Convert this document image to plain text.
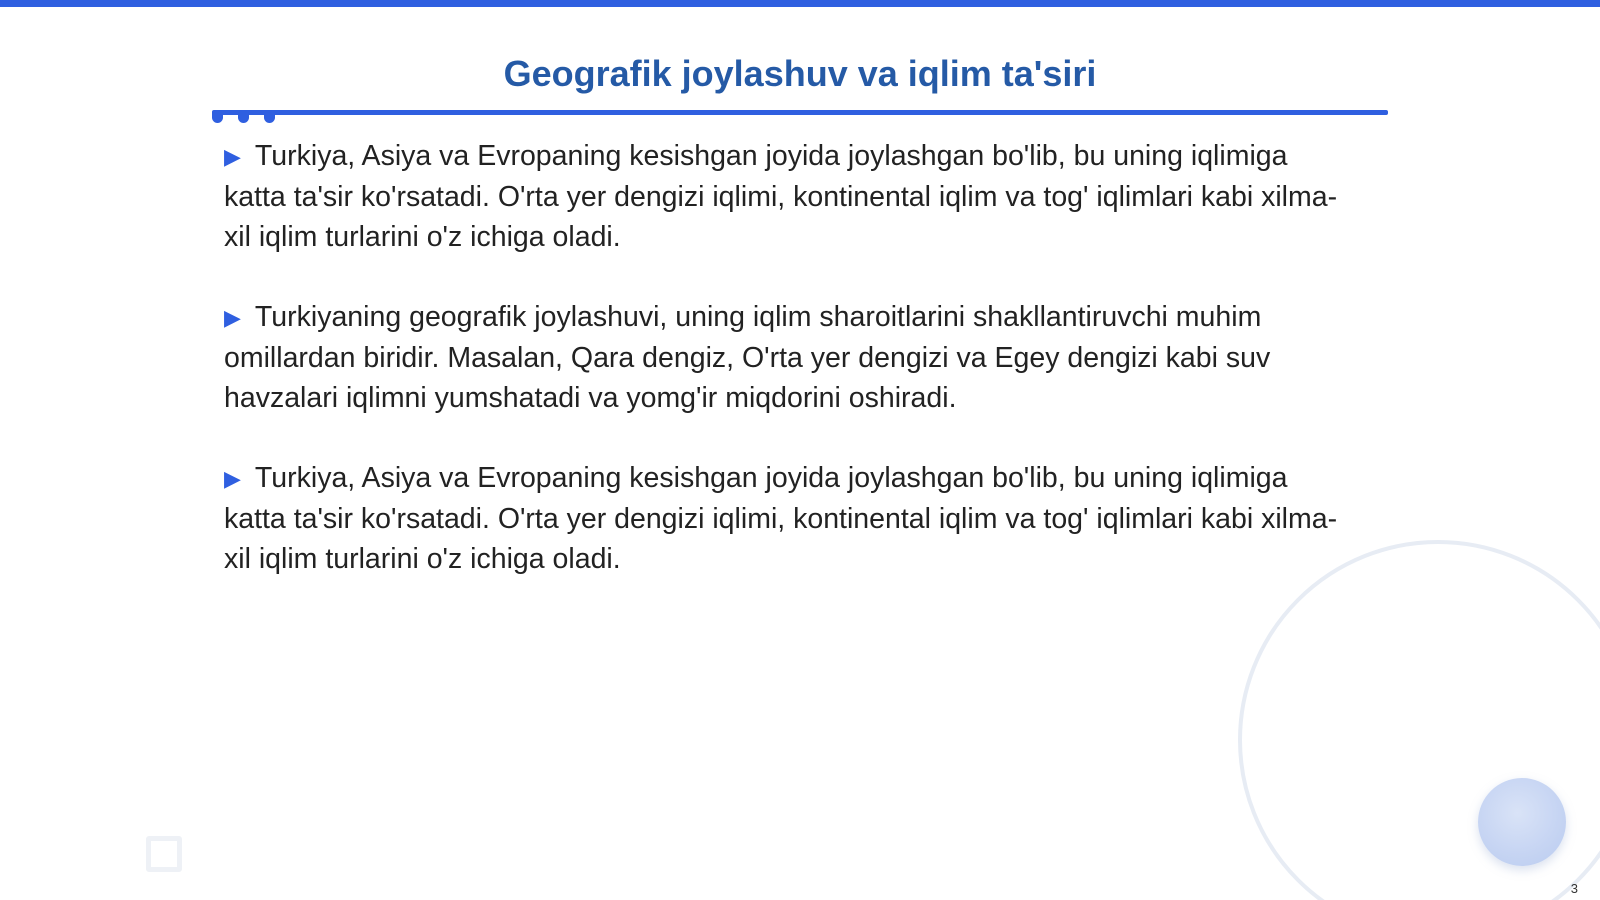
Geografik joylashuv va iqlim ta'siri

▶ Turkiya, Asiya va Evropaning kesishgan joyida joylashgan bo'lib, bu uning iqlimiga katta ta'sir ko'rsatadi. O'rta yer dengizi iqlimi, kontinental iqlim va tog' iqlimlari kabi xilma-xil iqlim turlarini o'z ichiga oladi.

▶ Turkiyaning geografik joylashuvi, uning iqlim sharoitlarini shakllantiruvchi muhim omillardan biridir. Masalan, Qara dengiz, O'rta yer dengizi va Egey dengizi kabi suv havzalari iqlimni yumshatadi va yomg'ir miqdorini oshiradi.

▶ Turkiya, Asiya va Evropaning kesishgan joyida joylashgan bo'lib, bu uning iqlimiga katta ta'sir ko'rsatadi. O'rta yer dengizi iqlimi, kontinental iqlim va tog' iqlimlari kabi xilma-xil iqlim turlarini o'z ichiga oladi.

3
